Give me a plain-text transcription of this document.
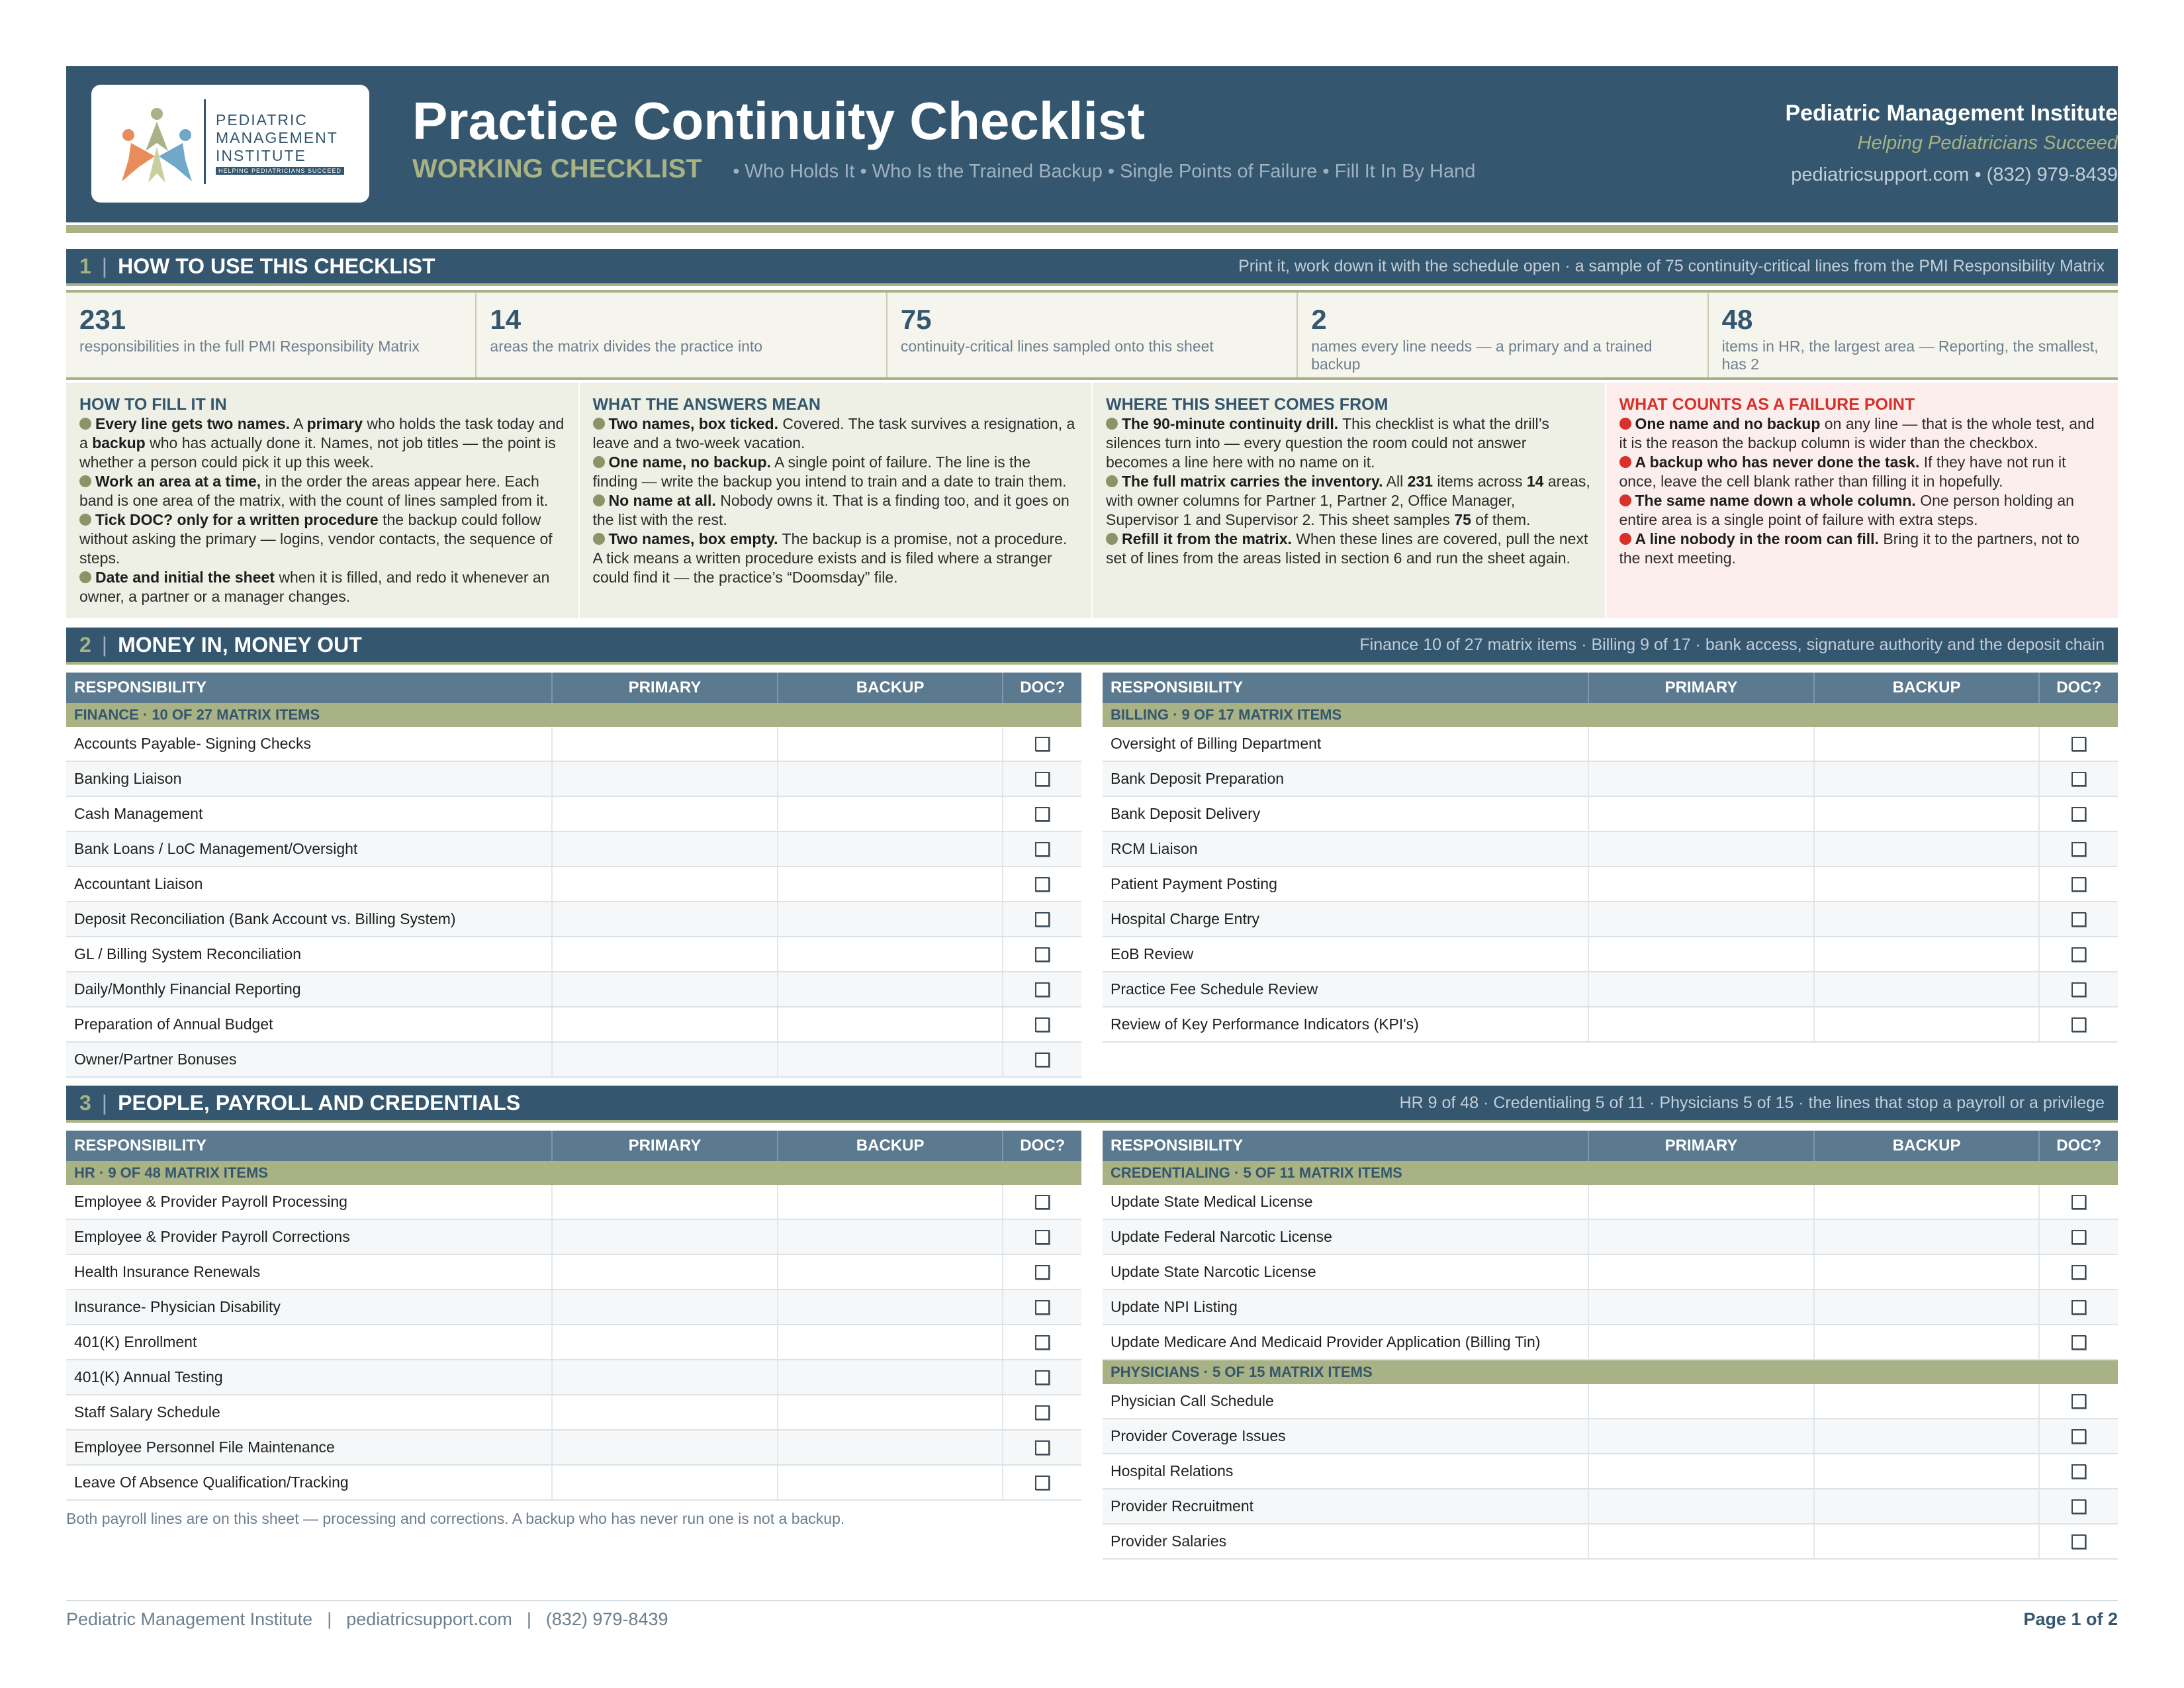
PEDIATRIC
MANAGEMENT
INSTITUTE
HELPING PEDIATRICIANS SUCCEED
Practice Continuity Checklist
WORKING CHECKLIST • Who Holds It • Who Is the Trained Backup • Single Points of Failure • Fill It In By Hand
Pediatric Management Institute
Helping Pediatricians Succeed
pediatricsupport.com • (832) 979-8439
1 | HOW TO USE THIS CHECKLIST	Print it, work down it with the schedule open · a sample of 75 continuity-critical lines from the PMI Responsibility Matrix
231
responsibilities in the full PMI Responsibility Matrix
14
areas the matrix divides the practice into
75
continuity-critical lines sampled onto this sheet
2
names every line needs — a primary and a trained backup
48
items in HR, the largest area — Reporting, the smallest, has 2
HOW TO FILL IT IN
Every line gets two names. A primary who holds the task today and a backup who has actually done it. Names, not job titles — the point is whether a person could pick it up this week.
Work an area at a time, in the order the areas appear here. Each band is one area of the matrix, with the count of lines sampled from it.
Tick DOC? only for a written procedure the backup could follow without asking the primary — logins, vendor contacts, the sequence of steps.
Date and initial the sheet when it is filled, and redo it whenever an owner, a partner or a manager changes.
WHAT THE ANSWERS MEAN
Two names, box ticked. Covered. The task survives a resignation, a leave and a two-week vacation.
One name, no backup. A single point of failure. The line is the finding — write the backup you intend to train and a date to train them.
No name at all. Nobody owns it. That is a finding too, and it goes on the list with the rest.
Two names, box empty. The backup is a promise, not a procedure. A tick means a written procedure exists and is filed where a stranger could find it — the practice’s “Doomsday” file.
WHERE THIS SHEET COMES FROM
The 90-minute continuity drill. This checklist is what the drill’s silences turn into — every question the room could not answer becomes a line here with no name on it.
The full matrix carries the inventory. All 231 items across 14 areas, with owner columns for Partner 1, Partner 2, Office Manager, Supervisor 1 and Supervisor 2. This sheet samples 75 of them.
Refill it from the matrix. When these lines are covered, pull the next set of lines from the areas listed in section 6 and run the sheet again.
WHAT COUNTS AS A FAILURE POINT
One name and no backup on any line — that is the whole test, and it is the reason the backup column is wider than the checkbox.
A backup who has never done the task. If they have not run it once, leave the cell blank rather than filling it in hopefully.
The same name down a whole column. One person holding an entire area is a single point of failure with extra steps.
A line nobody in the room can fill. Bring it to the partners, not to the next meeting.
2 | MONEY IN, MONEY OUT	Finance 10 of 27 matrix items · Billing 9 of 17 · bank access, signature authority and the deposit chain
RESPONSIBILITY	PRIMARY	BACKUP	DOC?
FINANCE · 10 OF 27 MATRIX ITEMS
Accounts Payable- Signing Checks
Banking Liaison
Cash Management
Bank Loans / LoC Management/Oversight
Accountant Liaison
Deposit Reconciliation (Bank Account vs. Billing System)
GL / Billing System Reconciliation
Daily/Monthly Financial Reporting
Preparation of Annual Budget
Owner/Partner Bonuses
RESPONSIBILITY	PRIMARY	BACKUP	DOC?
BILLING · 9 OF 17 MATRIX ITEMS
Oversight of Billing Department
Bank Deposit Preparation
Bank Deposit Delivery
RCM Liaison
Patient Payment Posting
Hospital Charge Entry
EoB Review
Practice Fee Schedule Review
Review of Key Performance Indicators (KPI's)
3 | PEOPLE, PAYROLL AND CREDENTIALS	HR 9 of 48 · Credentialing 5 of 11 · Physicians 5 of 15 · the lines that stop a payroll or a privilege
RESPONSIBILITY	PRIMARY	BACKUP	DOC?
HR · 9 OF 48 MATRIX ITEMS
Employee & Provider Payroll Processing
Employee & Provider Payroll Corrections
Health Insurance Renewals
Insurance- Physician Disability
401(K) Enrollment
401(K) Annual Testing
Staff Salary Schedule
Employee Personnel File Maintenance
Leave Of Absence Qualification/Tracking
Both payroll lines are on this sheet — processing and corrections. A backup who has never run one is not a backup.
RESPONSIBILITY	PRIMARY	BACKUP	DOC?
CREDENTIALING · 5 OF 11 MATRIX ITEMS
Update State Medical License
Update Federal Narcotic License
Update State Narcotic License
Update NPI Listing
Update Medicare And Medicaid Provider Application (Billing Tin)
PHYSICIANS · 5 OF 15 MATRIX ITEMS
Physician Call Schedule
Provider Coverage Issues
Hospital Relations
Provider Recruitment
Provider Salaries
Pediatric Management Institute | pediatricsupport.com | (832) 979-8439	Page 1 of 2
